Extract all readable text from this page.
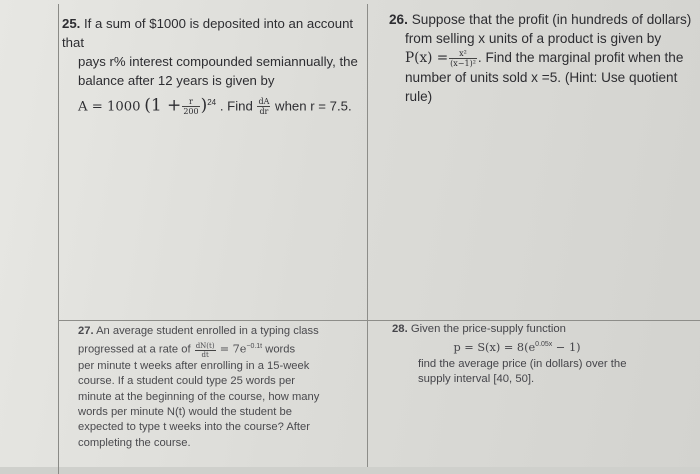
25. If a sum of $1000 is deposited into an account that
pays r% interest compounded semiannually, the
balance after 12 years is given by
A = 1000 $(1 + \frac{r}{200} )^{24}$ . Find $\frac{dA}{dr}$ when r = 7.5.
26. Suppose that the profit (in hundreds of dollars)
from selling x units of a product is given by
$P(x) = \frac{\text{x²}}{\text{(x−1)²}}$ . Find the marginal profit when the
number of units sold x =5. (Hint: Use quotient
rule)
27. An average student enrolled in a typing class
progressed at a rate of $\frac{dN(t)}{dt} = 7e^{-0.1t}$ words
per minute t weeks after enrolling in a 15-week
course. If a student could type 25 words per
minute at the beginning of the course, how many
words per minute N(t) would the student be
expected to type t weeks into the course? After
completing the course.
28. Given the price-supply function
$p = S(x) = 8(e^{0.05x} - 1)$
find the average price (in dollars) over the
supply interval [40, 50].
